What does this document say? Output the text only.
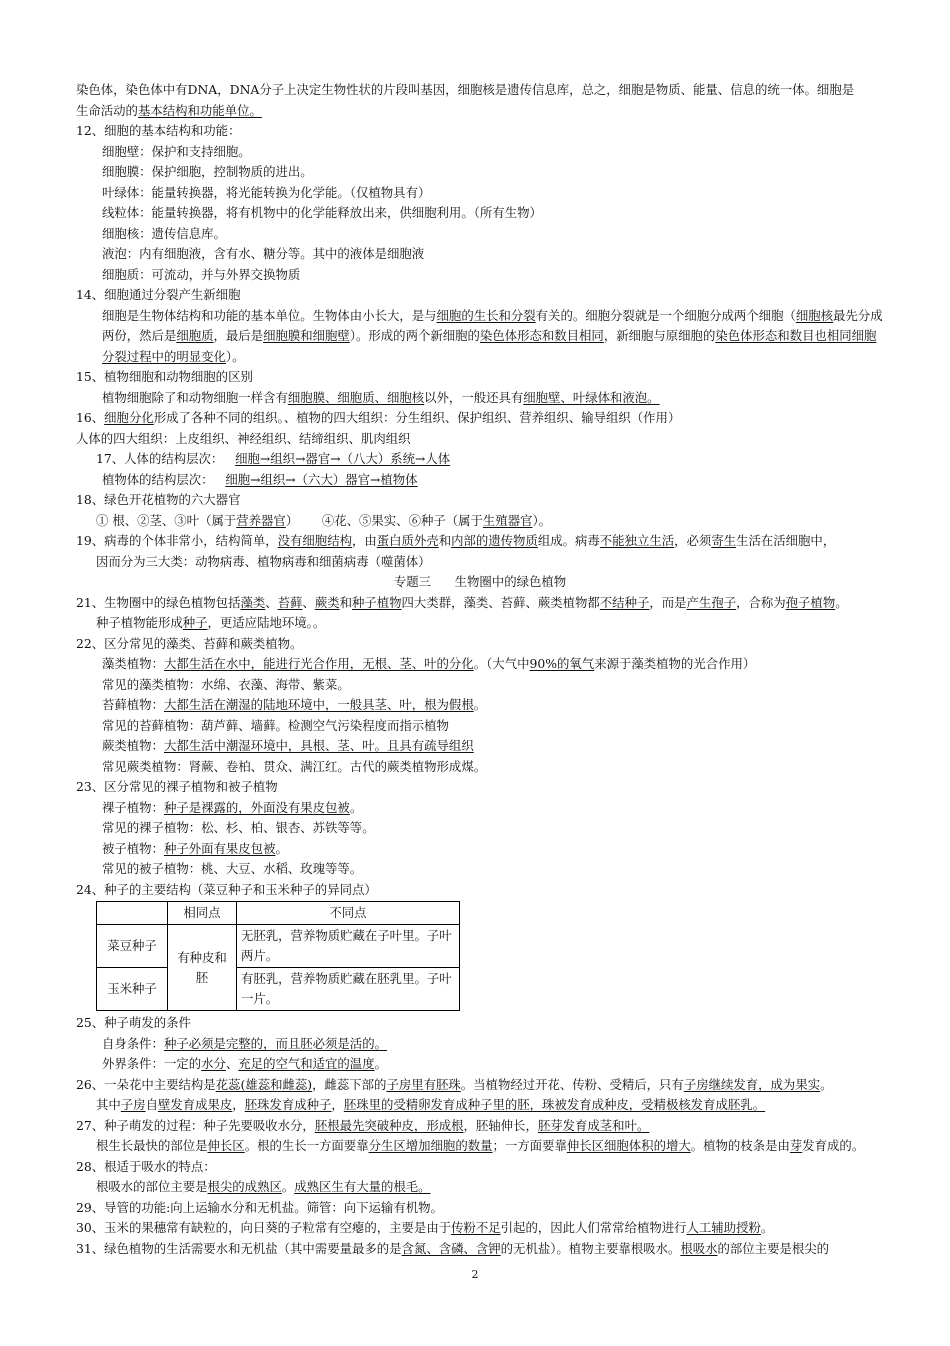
染色体，染色体中有DNA，DNA分子上决定生物性状的片段叫基因，细胞核是遗传信息库，总之，细胞是物质、能量、信息的统一体。细胞是
生命活动的基本结构和功能单位。
12、细胞的基本结构和功能：
细胞壁：保护和支持细胞。
细胞膜：保护细胞，控制物质的进出。
叶绿体：能量转换器，将光能转换为化学能。（仅植物具有）
线粒体：能量转换器，将有机物中的化学能释放出来，供细胞利用。（所有生物）
细胞核：遗传信息库。
液泡：内有细胞液，含有水、糖分等。其中的液体是细胞液
细胞质：可流动，并与外界交换物质
14、细胞通过分裂产生新细胞
细胞是生物体结构和功能的基本单位。生物体由小长大，是与细胞的生长和分裂有关的。细胞分裂就是一个细胞分成两个细胞（细胞核最先分成两份，然后是细胞质，最后是细胞膜和细胞壁）。形成的两个新细胞的染色体形态和数目相同，新细胞与原细胞的染色体形态和数目也相同细胞分裂过程中的明显变化）。
15、植物细胞和动物细胞的区别
植物细胞除了和动物细胞一样含有细胞膜、细胞质、细胞核以外，一般还具有细胞壁、叶绿体和液泡。
16、细胞分化形成了各种不同的组织。、植物的四大组织：分生组织、保护组织、营养组织、输导组织（作用）
人体的四大组织：上皮组织、神经组织、结缔组织、肌肉组织
17、人体的结构层次： 细胞→组织→器官→（八大）系统→人体
植物体的结构层次： 细胞→组织→（六大）器官→植物体
18、绿色开花植物的六大器官
① 根、②茎、③叶（属于营养器官）      ④花、⑤果实、⑥种子（属于生殖器官）。
19、病毒的个体非常小，结构简单，没有细胞结构，由蛋白质外壳和内部的遗传物质组成。病毒不能独立生活，必须寄生生活在活细胞中，
因而分为三大类：动物病毒、植物病毒和细菌病毒（噬菌体）
专题三      生物圈中的绿色植物
21、生物圈中的绿色植物包括藻类、苔藓、蕨类和种子植物四大类群，藻类、苔藓、蕨类植物都不结种子，而是产生孢子，合称为孢子植物。
种子植物能形成种子，更适应陆地环境。。
22、区分常见的藻类、苔藓和蕨类植物。
藻类植物：大都生活在水中，能进行光合作用，无根、茎、叶的分化。（大气中90%的氧气来源于藻类植物的光合作用）
常见的藻类植物：水绵、衣藻、海带、紫菜。
苔藓植物：大都生活在潮湿的陆地环境中，一般具茎、叶，根为假根。
常见的苔藓植物：葫芦藓、墙藓。检测空气污染程度而指示植物
蕨类植物：大都生活中潮湿环境中，具根、茎、叶。且具有疏导组织
常见蕨类植物：肾蕨、卷柏、贯众、满江红。古代的蕨类植物形成煤。
23、区分常见的裸子植物和被子植物
裸子植物：种子是裸露的，外面没有果皮包被。
常见的裸子植物：松、杉、柏、银杏、苏铁等等。
被子植物：种子外面有果皮包被。
常见的被子植物：桃、大豆、水稻、玫瑰等等。
24、种子的主要结构（菜豆种子和玉米种子的异同点）
	相同点	不同点
菜豆种子	有种皮和胚	无胚乳，营养物质贮藏在子叶里。子叶两片。
玉米种子		有胚乳，营养物质贮藏在胚乳里。子叶一片。
25、种子萌发的条件
自身条件：种子必须是完整的，而且胚必须是活的。
外界条件：一定的水分、充足的空气和适宜的温度。
26、一朵花中主要结构是花蕊(雄蕊和雌蕊)，雌蕊下部的子房里有胚珠。当植物经过开花、传粉、受精后，只有子房继续发育，成为果实。
其中子房自壁发育成果皮，胚珠发育成种子，胚珠里的受精卵发育成种子里的胚，珠被发育成种皮，受精极核发育成胚乳。
27、种子萌发的过程：种子先要吸收水分，胚根最先突破种皮，形成根，胚轴伸长，胚芽发育成茎和叶。
根生长最快的部位是伸长区。根的生长一方面要靠分生区增加细胞的数量；一方面要靠伸长区细胞体积的增大。植物的枝条是由芽发育成的。
28、根适于吸水的特点：
根吸水的部位主要是根尖的成熟区。成熟区生有大量的根毛。
29、导管的功能:向上运输水分和无机盐。筛管：向下运输有机物。
30、玉米的果穗常有缺粒的，向日葵的子粒常有空瘪的，主要是由于传粉不足引起的，因此人们常常给植物进行人工辅助授粉。
31、绿色植物的生活需要水和无机盐（其中需要量最多的是含氮、含磷、含钾的无机盐）。植物主要靠根吸水。根吸水的部位主要是根尖的
2
